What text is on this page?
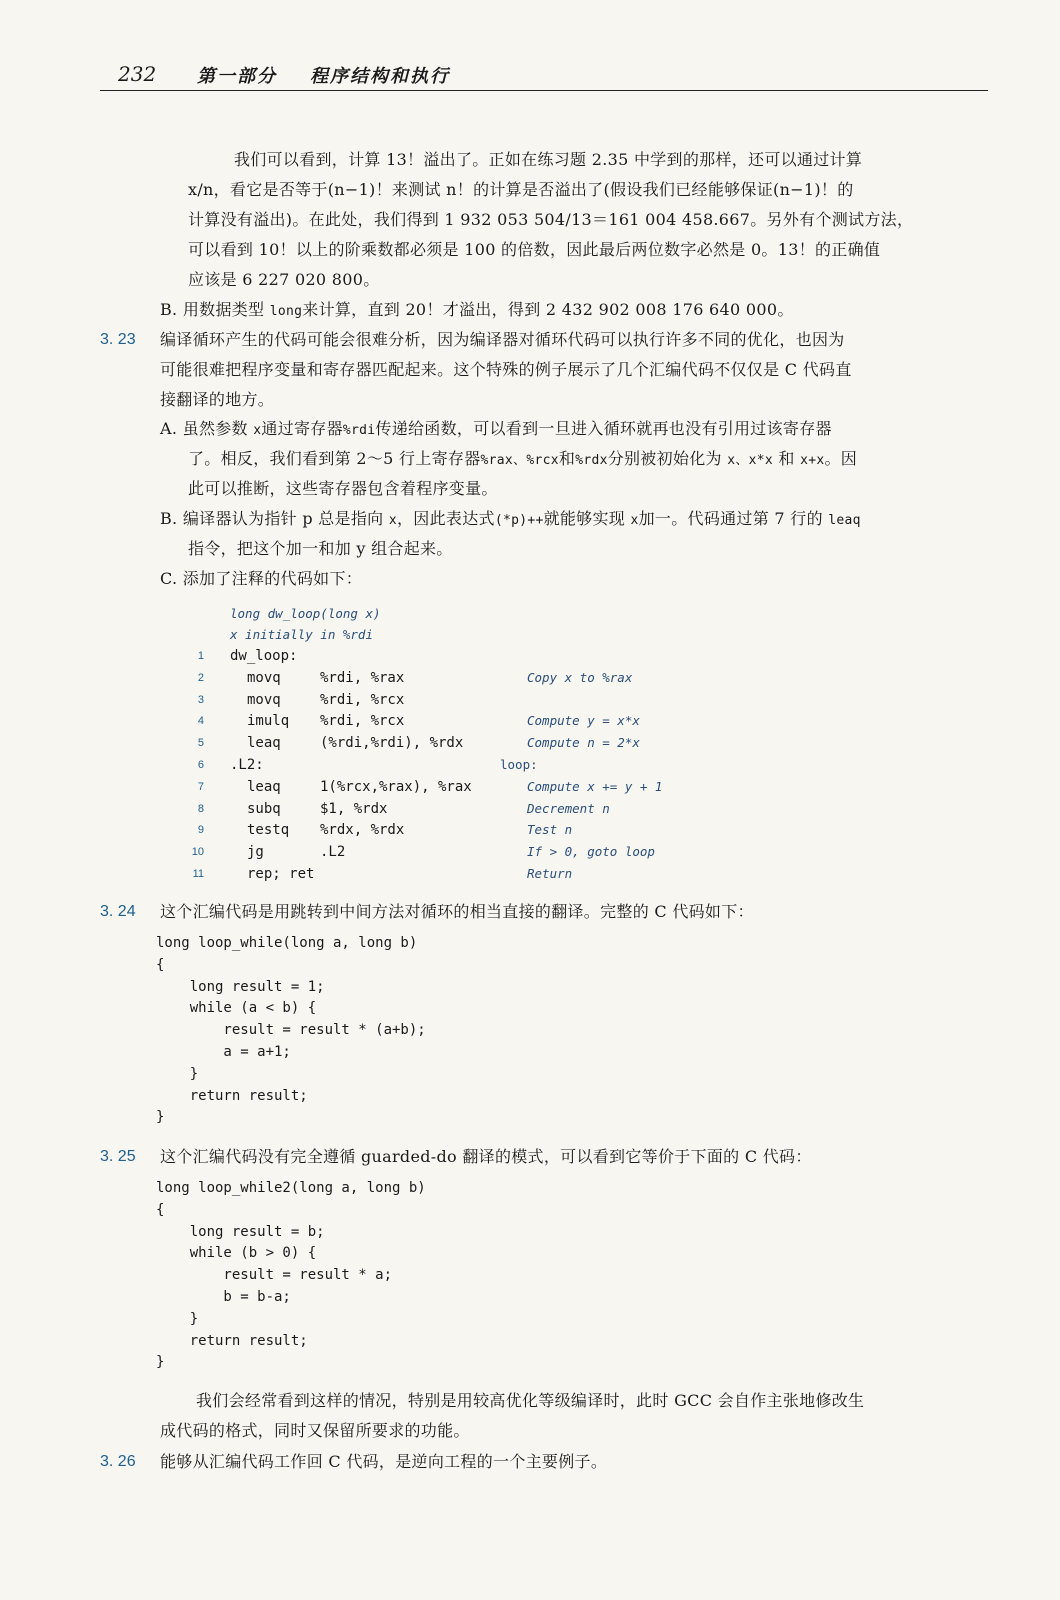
232 第一部分 程序结构和执行
我们可以看到，计算 13！溢出了。正如在练习题 2.35 中学到的那样，还可以通过计算
x/n，看它是否等于(n−1)！来测试 n！的计算是否溢出了(假设我们已经能够保证(n−1)！的
计算没有溢出)。在此处，我们得到 1 932 053 504/13＝161 004 458.667。另外有个测试方法，
可以看到 10！以上的阶乘数都必须是 100 的倍数，因此最后两位数字必然是 0。13！的正确值
应该是 6 227 020 800。
B. 用数据类型 long来计算，直到 20！才溢出，得到 2 432 902 008 176 640 000。
3. 23 编译循环产生的代码可能会很难分析，因为编译器对循环代码可以执行许多不同的优化，也因为
可能很难把程序变量和寄存器匹配起来。这个特殊的例子展示了几个汇编代码不仅仅是 C 代码直
接翻译的地方。
A. 虽然参数 x通过寄存器%rdi传递给函数，可以看到一旦进入循环就再也没有引用过该寄存器
了。相反，我们看到第 2～5 行上寄存器%rax、%rcx和%rdx分别被初始化为 x、x*x 和 x+x。因
此可以推断，这些寄存器包含着程序变量。
B. 编译器认为指针 p 总是指向 x，因此表达式(*p)++就能够实现 x加一。代码通过第 7 行的 leaq
指令，把这个加一和加 y 组合起来。
C. 添加了注释的代码如下：
long dw_loop(long x)
x initially in %rdi
1 dw_loop:
2	movq	%rdi, %rax	Copy x to %rax
3	movq	%rdi, %rcx
4	imulq %rdi, %rcx	Compute y = x*x
5	leaq	(%rdi,%rdi), %rdx	Compute n = 2*x
6 .L2:	loop:
7	leaq	1(%rcx,%rax), %rax	Compute x += y + 1
8	subq	$1, %rdx	Decrement n
9	testq %rdx, %rdx	Test n
10	jg	.L2	If > 0, goto loop
11	rep; ret	Return
3. 24 这个汇编代码是用跳转到中间方法对循环的相当直接的翻译。完整的 C 代码如下：
long loop_while(long a, long b)
{
long result = 1;
while (a < b) {
result = result * (a+b);
a = a+1;
}
return result;
}
3. 25 这个汇编代码没有完全遵循 guarded-do 翻译的模式，可以看到它等价于下面的 C 代码：
long loop_while2(long a, long b)
{
long result = b;
while (b > 0) {
result = result * a;
b = b-a;
}
return result;
}
我们会经常看到这样的情况，特别是用较高优化等级编译时，此时 GCC 会自作主张地修改生
成代码的格式，同时又保留所要求的功能。
3. 26 能够从汇编代码工作回 C 代码，是逆向工程的一个主要例子。
